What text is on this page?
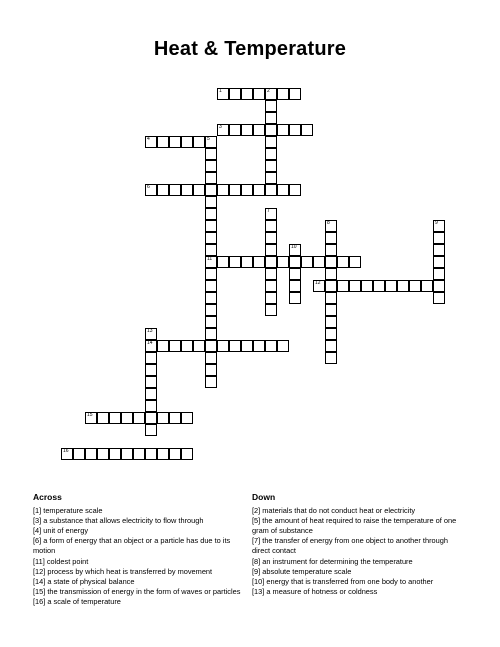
Heat & Temperature
1	2
3
4	5
11
6
7
8	9
10
12
13
14
15
16
Across

[1] temperature scale

[3] a substance that allows electricity to flow through

[4] unit of energy

[6] a form of energy that an object or a particle has due to its motion

[11] coldest point

[12] process by which heat is transferred by movement

[14] a state of physical balance

[15] the transmission of energy in the form of waves or particles

[16] a scale of temperature

Down

[2] materials that do not conduct heat or electricity

[5] the amount of heat required to raise the temperature of one gram of substance

[7] the transfer of energy from one object to another through direct contact

[8] an instrument for determining the temperature

[9] absolute temperature scale

[10] energy that is transferred from one body to another

[13] a measure of hotness or coldness
